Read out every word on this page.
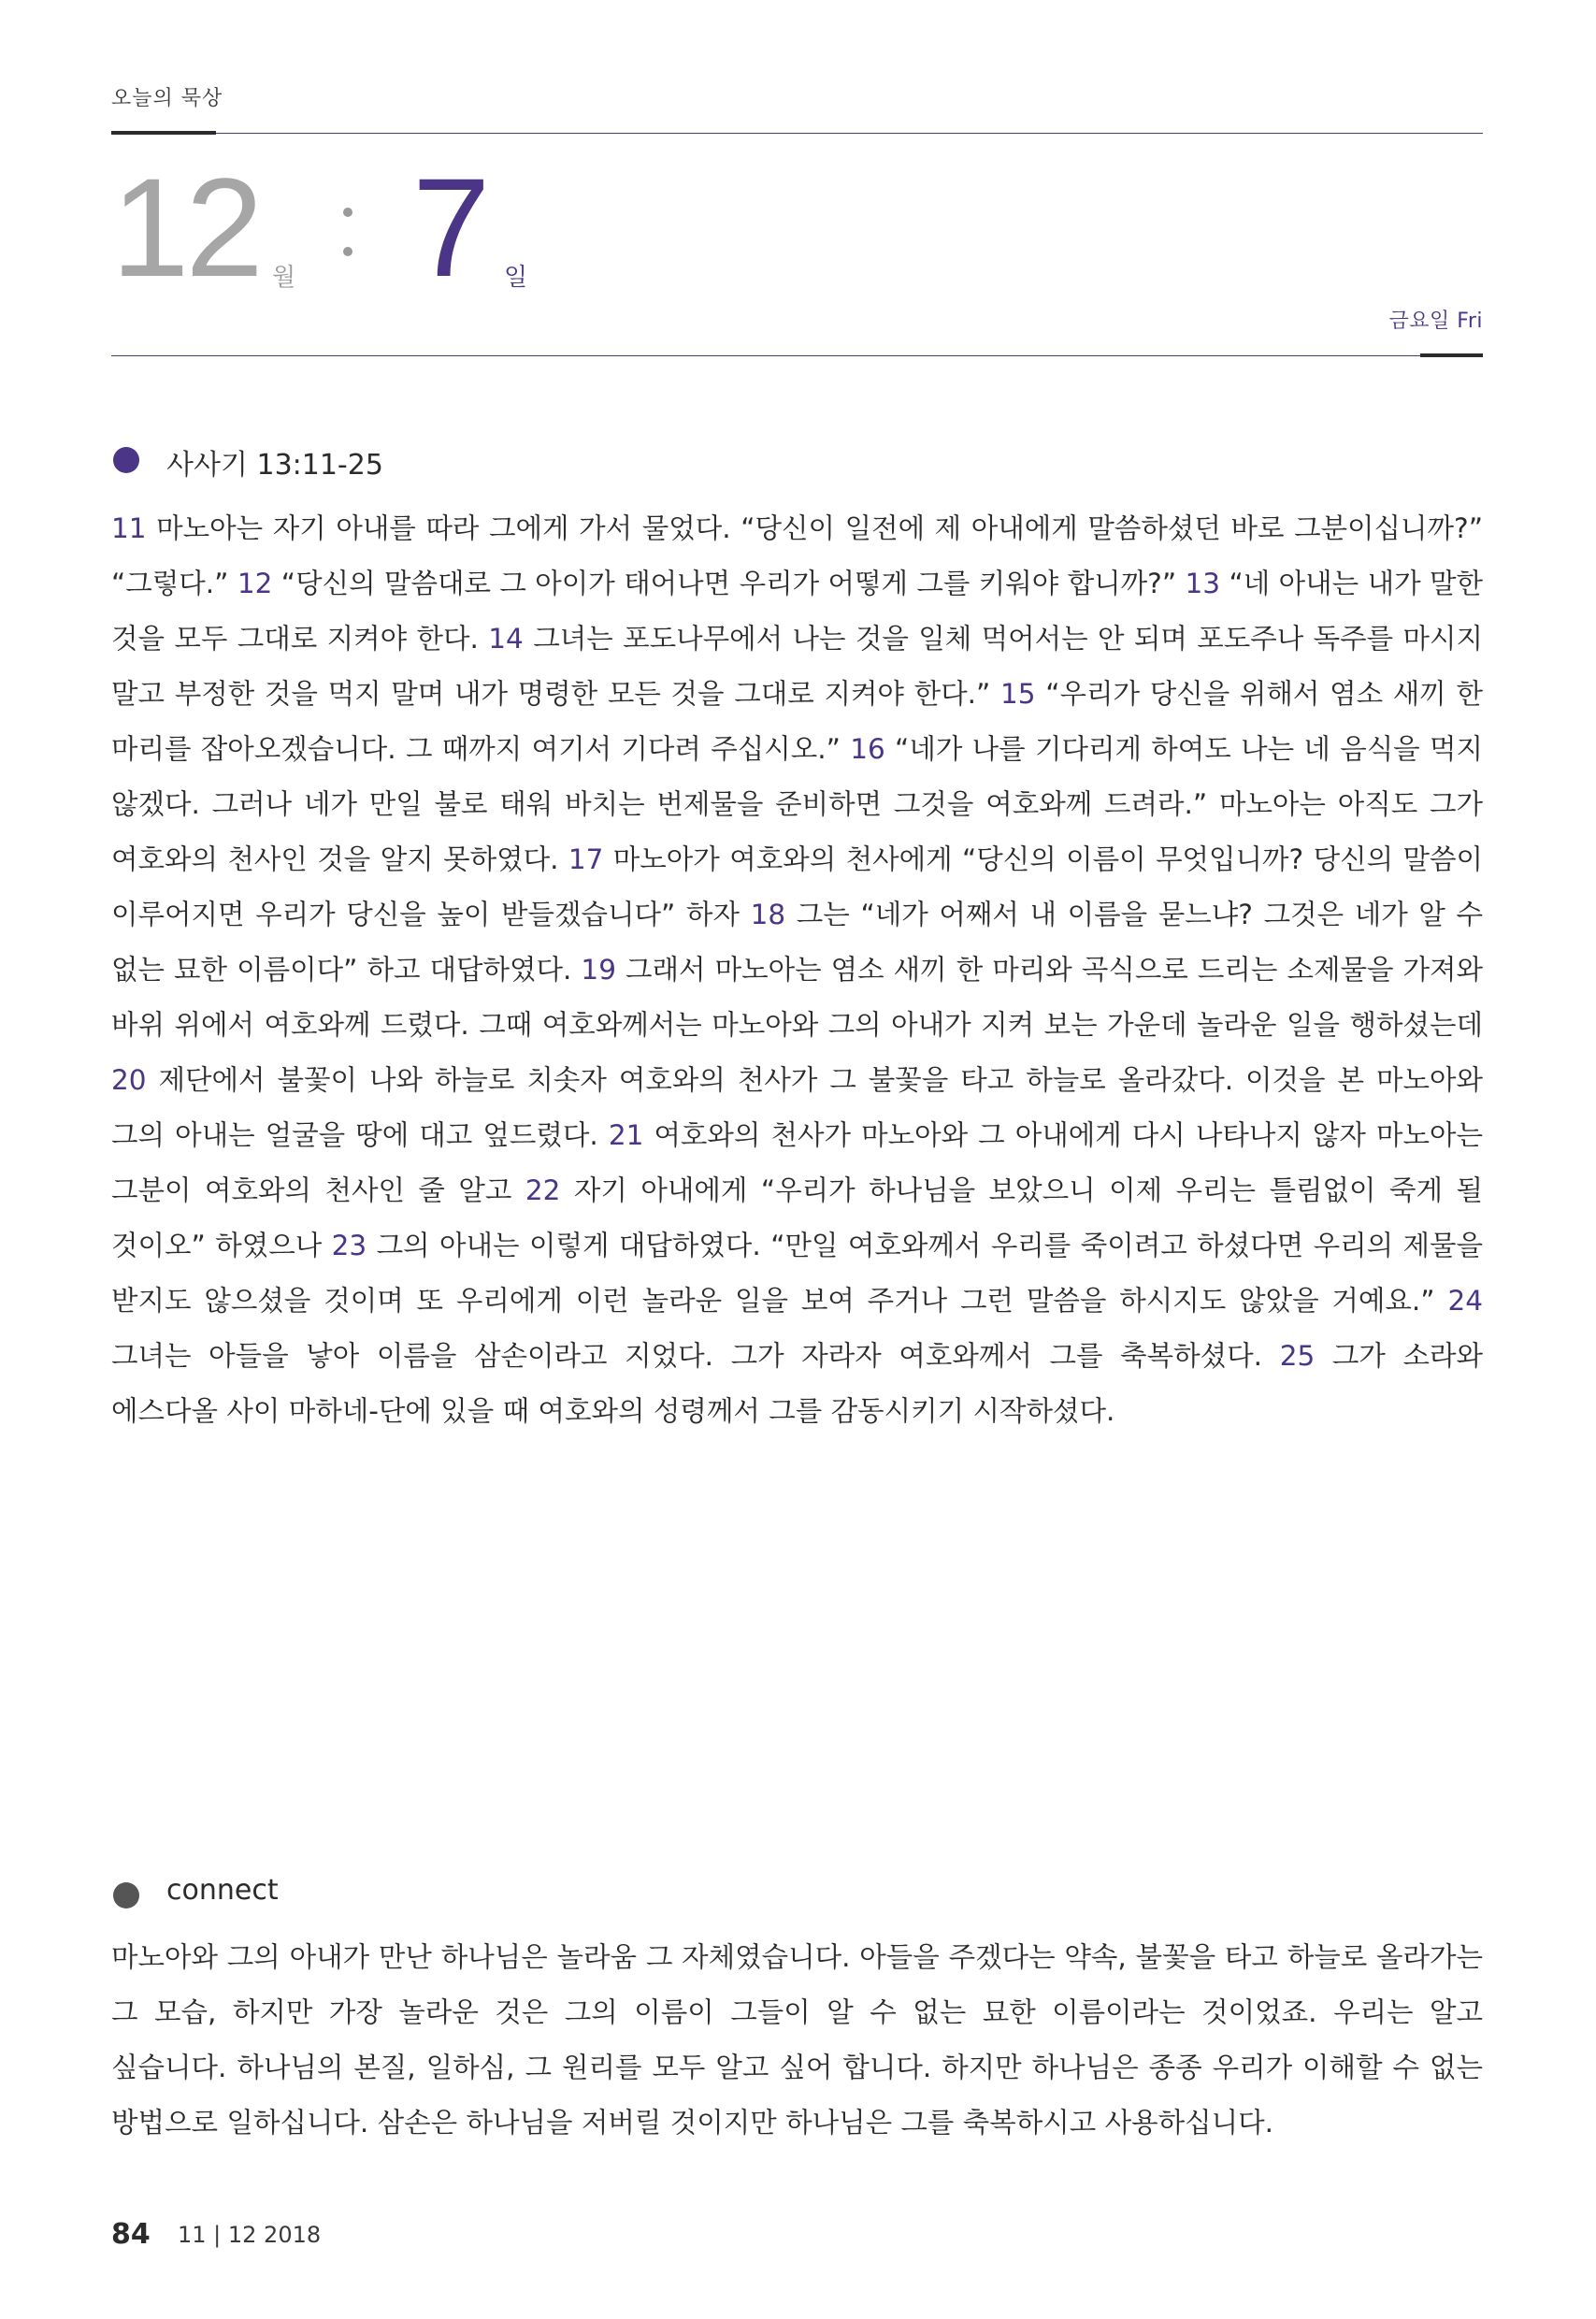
오늘의 묵상
12 월 7 일
금요일 Fri
사사기 13:11-25
11 마노아는 자기 아내를 따라 그에게 가서 물었다. “당신이 일전에 제 아내에게 말씀하셨던 바로 그분이십니까?” “그렇다.” 12 “당신의 말씀대로 그 아이가 태어나면 우리가 어떻게 그를 키워야 합니까?” 13 “네 아내는 내가 말한 것을 모두 그대로 지켜야 한다. 14 그녀는 포도나무에서 나는 것을 일체 먹어서는 안 되며 포도주나 독주를 마시지 말고 부정한 것을 먹지 말며 내가 명령한 모든 것을 그대로 지켜야 한다.” 15 “우리가 당신을 위해서 염소 새끼 한 마리를 잡아오겠습니다. 그 때까지 여기서 기다려 주십시오.” 16 “네가 나를 기다리게 하여도 나는 네 음식을 먹지 않겠다. 그러나 네가 만일 불로 태워 바치는 번제물을 준비하면 그것을 여호와께 드려라.” 마노아는 아직도 그가 여호와의 천사인 것을 알지 못하였다. 17 마노아가 여호와의 천사에게 “당신의 이름이 무엇입니까? 당신의 말씀이 이루어지면 우리가 당신을 높이 받들겠습니다” 하자 18 그는 “네가 어째서 내 이름을 묻느냐? 그것은 네가 알 수 없는 묘한 이름이다” 하고 대답하였다. 19 그래서 마노아는 염소 새끼 한 마리와 곡식으로 드리는 소제물을 가져와 바위 위에서 여호와께 드렸다. 그때 여호와께서는 마노아와 그의 아내가 지켜 보는 가운데 놀라운 일을 행하셨는데 20 제단에서 불꽃이 나와 하늘로 치솟자 여호와의 천사가 그 불꽃을 타고 하늘로 올라갔다. 이것을 본 마노아와 그의 아내는 얼굴을 땅에 대고 엎드렸다. 21 여호와의 천사가 마노아와 그 아내에게 다시 나타나지 않자 마노아는 그분이 여호와의 천사인 줄 알고 22 자기 아내에게 “우리가 하나님을 보았으니 이제 우리는 틀림없이 죽게 될 것이오” 하였으나 23 그의 아내는 이렇게 대답하였다. “만일 여호와께서 우리를 죽이려고 하셨다면 우리의 제물을 받지도 않으셨을 것이며 또 우리에게 이런 놀라운 일을 보여 주거나 그런 말씀을 하시지도 않았을 거예요.” 24 그녀는 아들을 낳아 이름을 삼손이라고 지었다. 그가 자라자 여호와께서 그를 축복하셨다. 25 그가 소라와 에스다올 사이 마하네-단에 있을 때 여호와의 성령께서 그를 감동시키기 시작하셨다.
connect
마노아와 그의 아내가 만난 하나님은 놀라움 그 자체였습니다. 아들을 주겠다는 약속, 불꽃을 타고 하늘로 올라가는 그 모습, 하지만 가장 놀라운 것은 그의 이름이 그들이 알 수 없는 묘한 이름이라는 것이었죠. 우리는 알고 싶습니다. 하나님의 본질, 일하심, 그 원리를 모두 알고 싶어 합니다. 하지만 하나님은 종종 우리가 이해할 수 없는 방법으로 일하십니다. 삼손은 하나님을 저버릴 것이지만 하나님은 그를 축복하시고 사용하십니다.
84 11 | 12 2018
